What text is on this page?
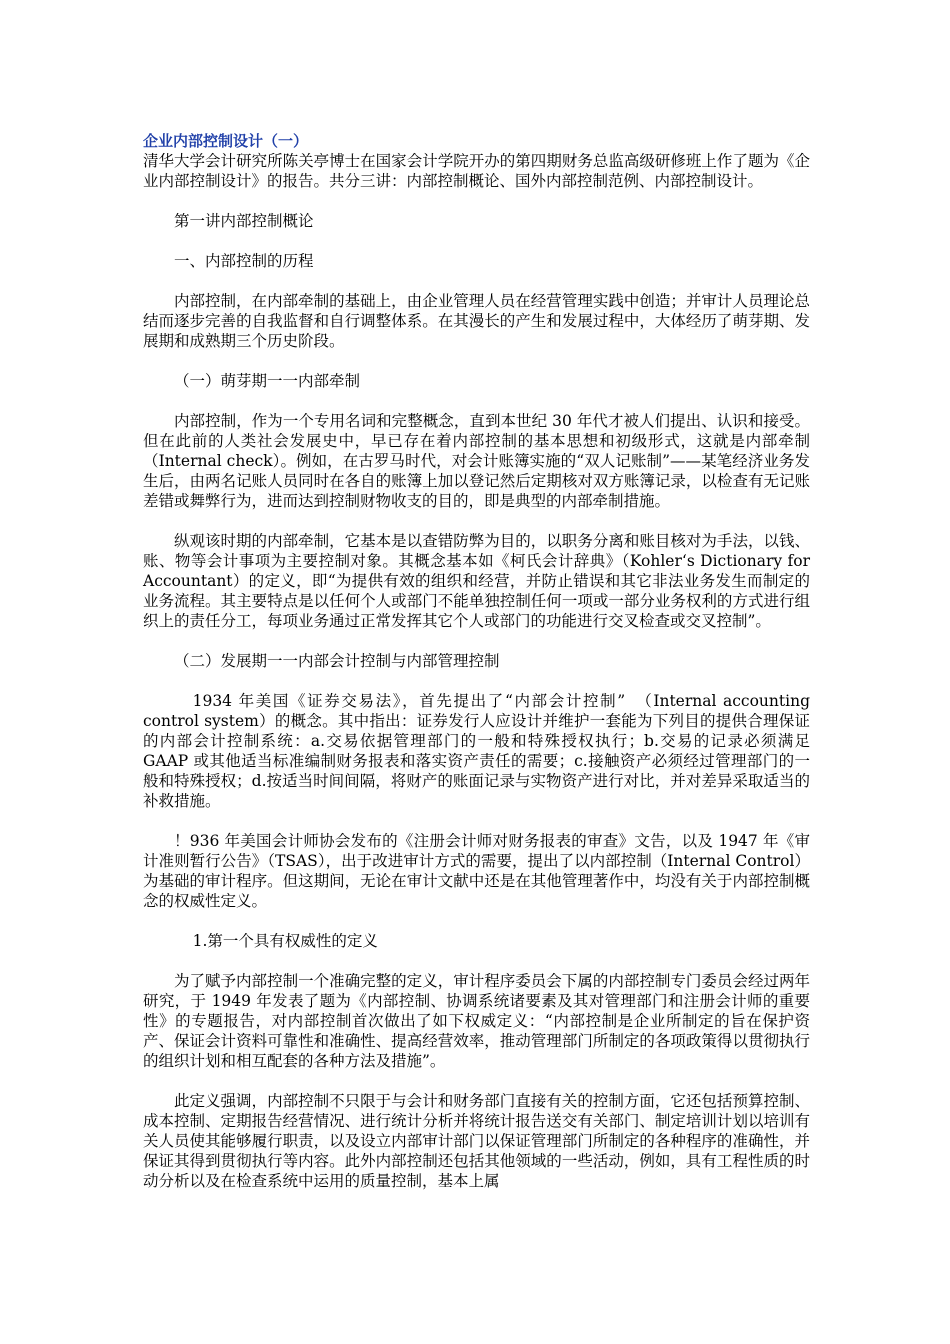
企业内部控制设计（一）

清华大学会计研究所陈关亭博士在国家会计学院开办的第四期财务总监高级研修班上作了题为《企业内部控制设计》的报告。共分三讲：内部控制概论、国外内部控制范例、内部控制设计。

第一讲内部控制概论

一、内部控制的历程

内部控制，在内部牵制的基础上，由企业管理人员在经营管理实践中创造；并审计人员理论总结而逐步完善的自我监督和自行调整体系。在其漫长的产生和发展过程中，大体经历了萌芽期、发展期和成熟期三个历史阶段。

（一）萌芽期一一内部牵制

内部控制，作为一个专用名词和完整概念，直到本世纪 30 年代才被人们提出、认识和接受。但在此前的人类社会发展史中，早已存在着内部控制的基本思想和初级形式，这就是内部牵制（Internal check）。例如，在古罗马时代，对会计账簿实施的“双人记账制”——某笔经济业务发生后，由两名记账人员同时在各自的账簿上加以登记然后定期核对双方账簿记录，以检查有无记账差错或舞弊行为，进而达到控制财物收支的目的，即是典型的内部牵制措施。

纵观该时期的内部牵制，它基本是以查错防弊为目的，以职务分离和账目核对为手法，以钱、账、物等会计事项为主要控制对象。其概念基本如《柯氏会计辞典》（Kohler‘s Dictionary for Accountant）的定义，即“为提供有效的组织和经营，并防止错误和其它非法业务发生而制定的业务流程。其主要特点是以任何个人或部门不能单独控制任何一项或一部分业务权利的方式进行组织上的责任分工，每项业务通过正常发挥其它个人或部门的功能进行交叉检查或交叉控制”。

（二）发展期一一内部会计控制与内部管理控制

1934 年美国《证券交易法》，首先提出了“内部会计控制”　（Internal accounting control system）的概念。其中指出：证券发行人应设计并维护一套能为下列目的提供合理保证的内部会计控制系统：a.交易依据管理部门的一般和特殊授权执行；b.交易的记录必须满足 GAAP 或其他适当标准编制财务报表和落实资产责任的需要；c.接触资产必须经过管理部门的一般和特殊授权；d.按适当时间间隔，将财产的账面记录与实物资产进行对比，并对差异采取适当的补救措施。

！936 年美国会计师协会发布的《注册会计师对财务报表的审查》文告，以及 1947 年《审计准则暂行公告》（TSAS），出于改进审计方式的需要，提出了以内部控制（Internal Control）为基础的审计程序。但这期间，无论在审计文献中还是在其他管理著作中，均没有关于内部控制概念的权威性定义。

1.第一个具有权威性的定义

为了赋予内部控制一个准确完整的定义，审计程序委员会下属的内部控制专门委员会经过两年研究，于 1949 年发表了题为《内部控制、协调系统诸要素及其对管理部门和注册会计师的重要性》的专题报告，对内部控制首次做出了如下权威定义：“内部控制是企业所制定的旨在保护资产、保证会计资料可靠性和准确性、提高经营效率，推动管理部门所制定的各项政策得以贯彻执行的组织计划和相互配套的各种方法及措施”。

此定义强调，内部控制不只限于与会计和财务部门直接有关的控制方面，它还包括预算控制、成本控制、定期报告经营情况、进行统计分析并将统计报告送交有关部门、制定培训计划以培训有关人员使其能够履行职责，以及设立内部审计部门以保证管理部门所制定的各种程序的准确性，并保证其得到贯彻执行等内容。此外内部控制还包括其他领域的一些活动，例如，具有工程性质的时动分析以及在检查系统中运用的质量控制，基本上属
